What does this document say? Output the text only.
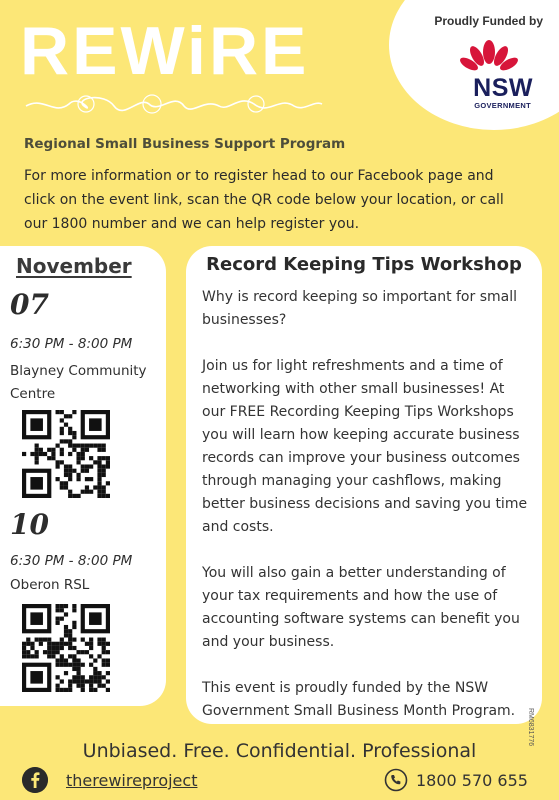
REWiRE	Proudly Funded by
NSW
GOVERNMENT
Regional Small Business Support Program
For more information or to register head to our Facebook page and click on the event link, scan the QR code below your location, or call our 1800 number and we can help register you.
November
07
6:30 PM - 8:00 PM
Blayney Community Centre
10
6:30 PM - 8:00 PM
Oberon RSL
Record Keeping Tips Workshop

Why is record keeping so important for small businesses?

Join us for light refreshments and a time of networking with other small businesses! At our FREE Recording Keeping Tips Workshops you will learn how keeping accurate business records can improve your business outcomes through managing your cashflows, making better business decisions and saving you time and costs.

You will also gain a better understanding of your tax requirements and how the use of accounting software systems can benefit you and your business.

This event is proudly funded by the NSW Government Small Business Month Program.

Unbiased. Free. Confidential. Professional
therewireproject	1800 570 655
RM6831776
